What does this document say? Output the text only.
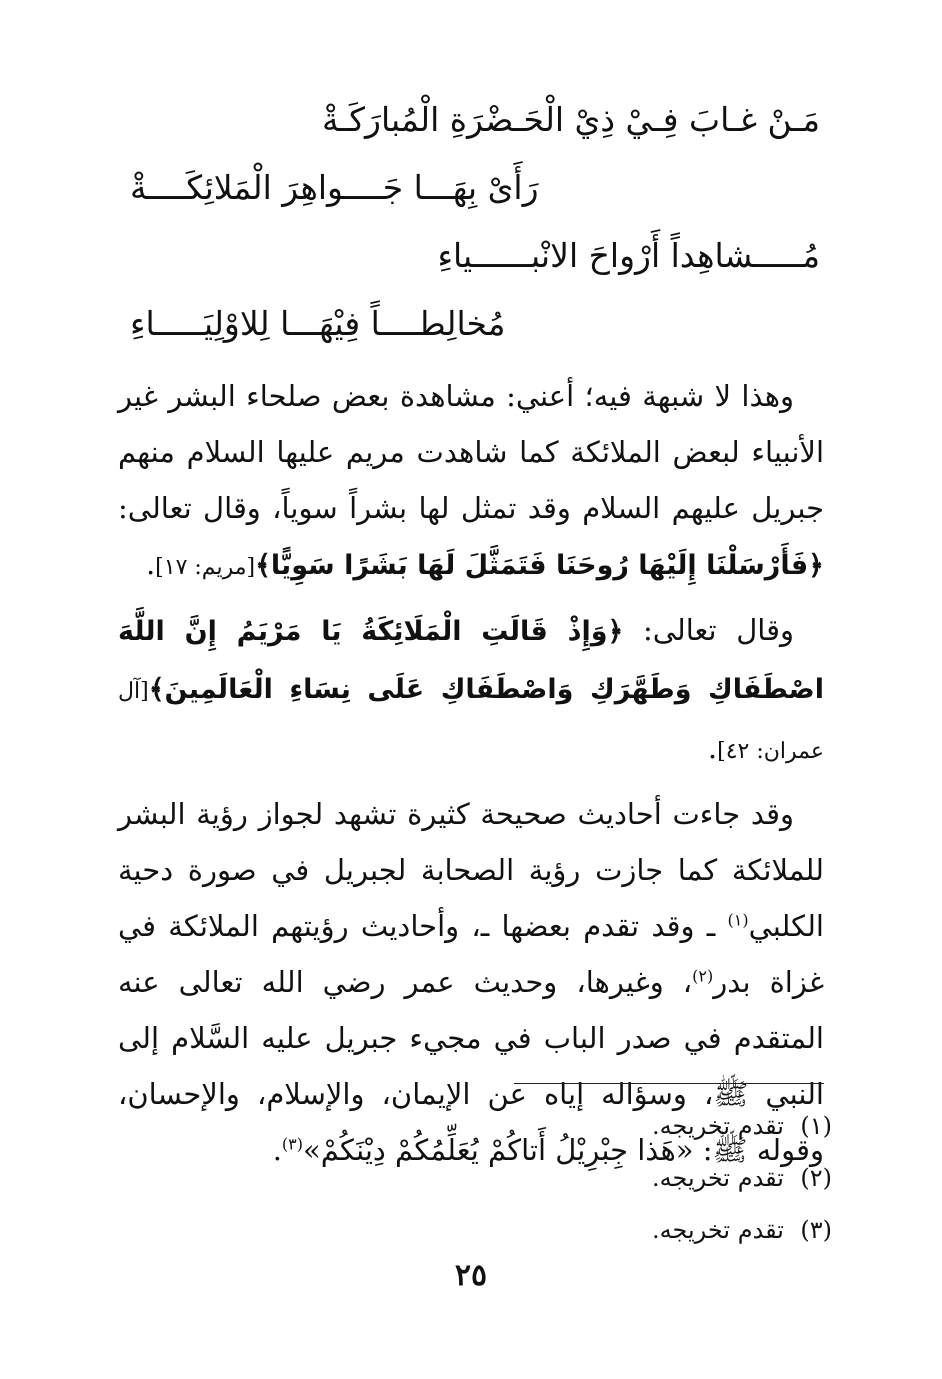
مَـنْ غـابَ فِـيْ ذِيْ الْحَـضْرَةِ الْمُبارَكَـةْ
رَأَىْ بِهَـــا جَــــواهِرَ الْمَلائِكَــــةْ
مُـــــشاهِداً أَرْواحَ الانْبــــــياءِ
مُخالِطــــاً فِيْهَـــا لِلاوْلِيَـــــاءِ

وهذا لا شبهة فيه؛ أعني: مشاهدة بعض صلحاء البشر غير الأنبياء لبعض الملائكة كما شاهدت مريم عليها السلام منهم جبريل عليهم السلام وقد تمثل لها بشراً سوياً، وقال تعالى: ﴿فَأَرْسَلْنَا إِلَيْهَا رُوحَنَا فَتَمَثَّلَ لَهَا بَشَرًا سَوِيًّا﴾[مريم: ١٧].

وقال تعالى: ﴿وَإِذْ قَالَتِ الْمَلَائِكَةُ يَا مَرْيَمُ إِنَّ اللَّهَ اصْطَفَاكِ وَطَهَّرَكِ وَاصْطَفَاكِ عَلَى نِسَاءِ الْعَالَمِينَ﴾[آل عمران: ٤٢].

وقد جاءت أحاديث صحيحة كثيرة تشهد لجواز رؤية البشر للملائكة كما جازت رؤية الصحابة لجبريل في صورة دحية الكلبي$^{(١)}$ ـ وقد تقدم بعضها ـ، وأحاديث رؤيتهم الملائكة في غزاة بدر$^{(٢)}$، وغيرها، وحديث عمر رضي الله تعالى عنه المتقدم في صدر الباب في مجيء جبريل عليه السَّلام إلى النبي ﷺ، وسؤاله إياه عن الإيمان، والإسلام، والإحسان، وقوله ﷺ: «هَذا جِبْرِيْلُ أَتاكُمْ يُعَلِّمُكُمْ دِيْنَكُمْ»$^{(٣)}$.

(١)تقدم تخريجه.
(٢)تقدم تخريجه.
(٣)تقدم تخريجه.
٢٥
